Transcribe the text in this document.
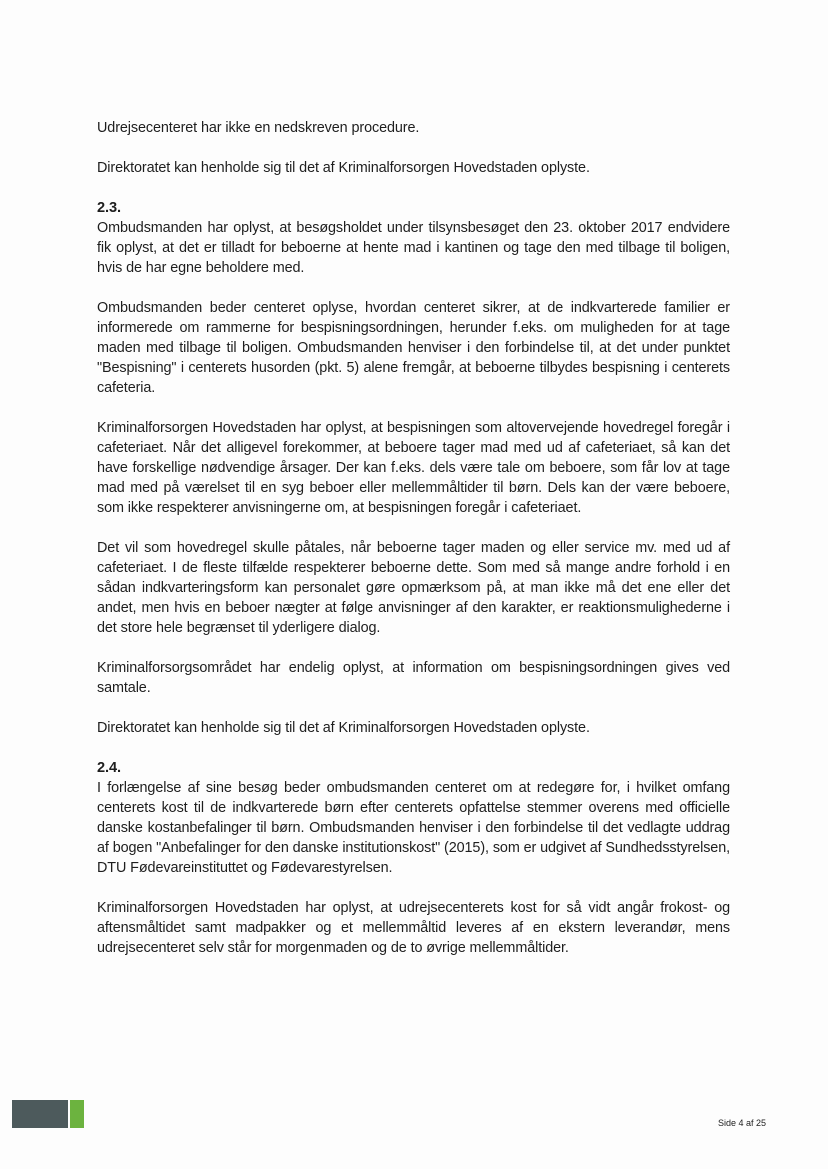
Udrejsecenteret har ikke en nedskreven procedure.

Direktoratet kan henholde sig til det af Kriminalforsorgen Hovedstaden oplyste.

2.3.

Ombudsmanden har oplyst, at besøgsholdet under tilsynsbesøget den 23. oktober 2017 endvidere fik oplyst, at det er tilladt for beboerne at hente mad i kantinen og tage den med tilbage til boligen, hvis de har egne beholdere med.

Ombudsmanden beder centeret oplyse, hvordan centeret sikrer, at de indkvarterede familier er informerede om rammerne for bespisningsordningen, herunder f.eks. om muligheden for at tage maden med tilbage til boligen. Ombudsmanden henviser i den forbindelse til, at det under punktet "Bespisning" i centerets husorden (pkt. 5) alene fremgår, at beboerne tilbydes bespisning i centerets cafeteria.

Kriminalforsorgen Hovedstaden har oplyst, at bespisningen som altovervejende hovedregel foregår i cafeteriaet. Når det alligevel forekommer, at beboere tager mad med ud af cafeteriaet, så kan det have forskellige nødvendige årsager. Der kan f.eks. dels være tale om beboere, som får lov at tage mad med på værelset til en syg beboer eller mellemmåltider til børn. Dels kan der være beboere, som ikke respekterer anvisningerne om, at bespisningen foregår i cafeteriaet.

Det vil som hovedregel skulle påtales, når beboerne tager maden og eller service mv. med ud af cafeteriaet. I de fleste tilfælde respekterer beboerne dette. Som med så mange andre forhold i en sådan indkvarteringsform kan personalet gøre opmærksom på, at man ikke må det ene eller det andet, men hvis en beboer nægter at følge anvisninger af den karakter, er reaktionsmulighederne i det store hele begrænset til yderligere dialog.

Kriminalforsorgsområdet har endelig oplyst, at information om bespisningsordningen gives ved samtale.

Direktoratet kan henholde sig til det af Kriminalforsorgen Hovedstaden oplyste.

2.4.

I forlængelse af sine besøg beder ombudsmanden centeret om at redegøre for, i hvilket omfang centerets kost til de indkvarterede børn efter centerets opfattelse stemmer overens med officielle danske kostanbefalinger til børn. Ombudsmanden henviser i den forbindelse til det vedlagte uddrag af bogen "Anbefalinger for den danske institutionskost" (2015), som er udgivet af Sundhedsstyrelsen, DTU Fødevareinstituttet og Fødevarestyrelsen.

Kriminalforsorgen Hovedstaden har oplyst, at udrejsecenterets kost for så vidt angår frokost- og aftensmåltidet samt madpakker og et mellemmåltid leveres af en ekstern leverandør, mens udrejsecenteret selv står for morgenmaden og de to øvrige mellemmåltider.

Side 4 af 25
